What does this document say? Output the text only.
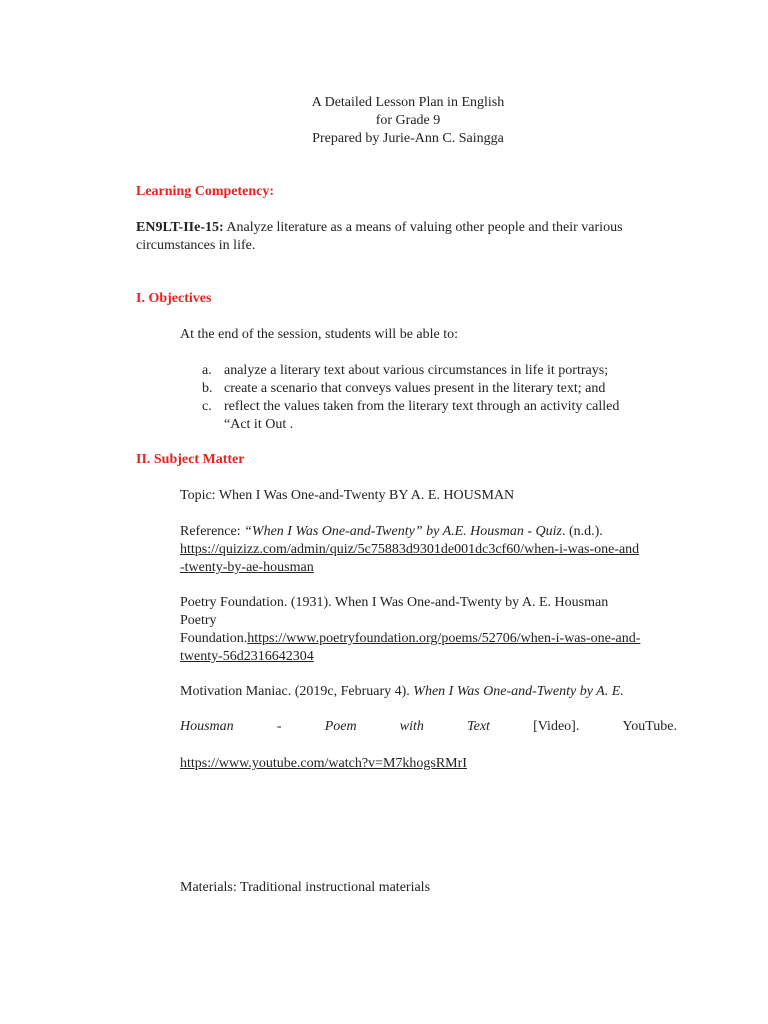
A Detailed Lesson Plan in English
for Grade 9
Prepared by Jurie-Ann C. Saingga
Learning Competency:
EN9LT-IIe-15: Analyze literature as a means of valuing other people and their various
circumstances in life.
I. Objectives
At the end of the session, students will be able to:
a. analyze a literary text about various circumstances in life it portrays;
b. create a scenario that conveys values present in the literary text; and
c. reflect the values taken from the literary text through an activity called
“Act it Out .
II. Subject Matter
Topic: When I Was One-and-Twenty BY A. E. HOUSMAN
Reference: “When I Was One-and-Twenty” by A.E. Housman - Quiz. (n.d.).
https://quizizz.com/admin/quiz/5c75883d9301de001dc3cf60/when-i-was-one-and
-twenty-by-ae-housman
Poetry Foundation. (1931). When I Was One-and-Twenty by A. E. Housman
Poetry
Foundation.https://www.poetryfoundation.org/poems/52706/when-i-was-one-and-
twenty-56d2316642304
Motivation Maniac. (2019c, February 4). When I Was One-and-Twenty by A. E.
Housman	-	Poem	with	Text	[Video].	YouTube.
https://www.youtube.com/watch?v=M7khogsRMrI
Materials: Traditional instructional materials
